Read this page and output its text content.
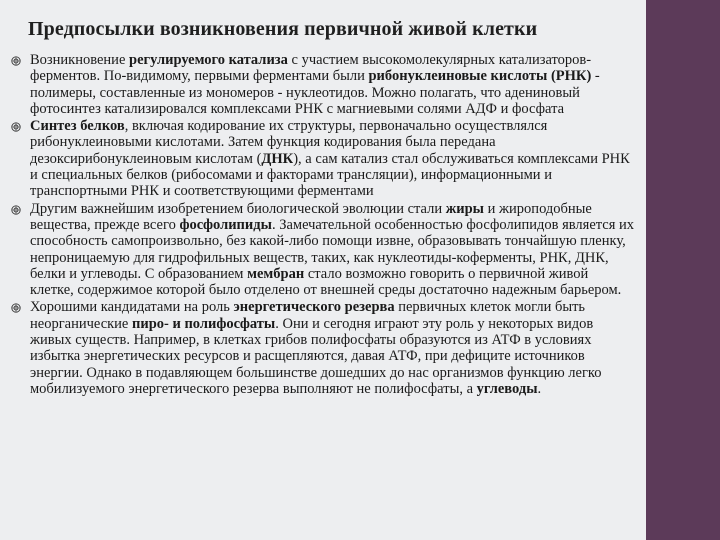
Предпосылки возникновения первичной живой клетки
Возникновение регулируемого катализа с участием высокомолекулярных катализаторов- ферментов. По-видимому, первыми ферментами были рибонуклеиновые кислоты (РНК) - полимеры, составленные из мономеров - нуклеотидов. Можно полагать, что адениновый фотосинтез катализировался комплексами РНК с магниевыми солями АДФ и фосфата
Синтез белков, включая кодирование их структуры, первоначально осуществлялся рибонуклеиновыми кислотами. Затем функция кодирования была передана дезоксирибонуклеиновым кислотам (ДНК), а сам катализ стал обслуживаться комплексами РНК и специальных белков (рибосомами и факторами трансляции), информационными и транспортными РНК и соответствующими ферментами
Другим важнейшим изобретением биологической эволюции стали жиры и жироподобные вещества, прежде всего фосфолипиды. Замечательной особенностью фосфолипидов является их способность самопроизвольно, без какой-либо помощи извне, образовывать тончайшую пленку, непроницаемую для гидрофильных веществ, таких, как нуклеотиды-коферменты, РНК, ДНК, белки и углеводы. С образованием мембран стало возможно говорить о первичной живой клетке, содержимое которой было отделено от внешней среды достаточно надежным барьером.
Хорошими кандидатами на роль энергетического резерва первичных клеток могли быть неорганические пиро- и полифосфаты. Они и сегодня играют эту роль у некоторых видов живых существ. Например, в клетках грибов полифосфаты образуются из АТФ в условиях избытка энергетических ресурсов и расщепляются, давая АТФ, при дефиците источников энергии. Однако в подавляющем большинстве дошедших до нас организмов функцию легко мобилизуемого энергетического резерва выполняют не полифосфаты, а углеводы.
